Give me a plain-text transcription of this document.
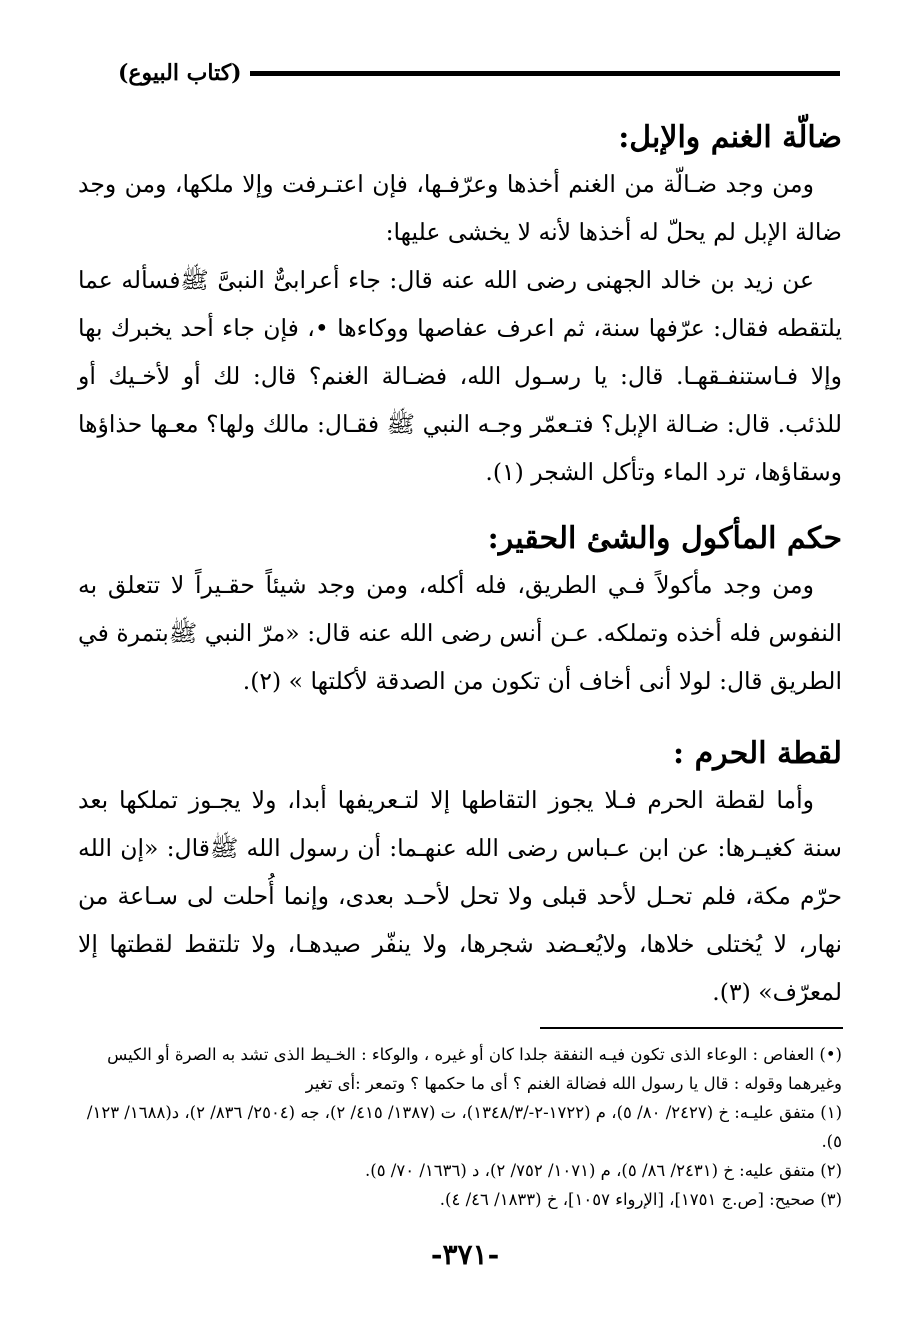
(كتاب البيوع)
ضالّة الغنم والإبل:

ومن وجد ضـالّة من الغنم أخذها وعرّفـها، فإن اعتـرفت وإلا ملكها، ومن وجد ضالة الإبل لم يحلّ له أخذها لأنه لا يخشى عليها:

عن زيد بن خالد الجهنى رضى الله عنه قال: جاء أعرابىٌّ النبىَّ ﷺفسأله عما يلتقطه فقال: عرّفها سنة، ثم اعرف عفاصها ووكاءها •، فإن جاء أحد يخبرك بها وإلا فـاستنفـقهـا. قال: يا رسـول الله، فضـالة الغنم؟ قال: لك أو لأخـيك أو للذئب. قال: ضـالة الإبل؟ فتـعمّر وجـه النبي ﷺ فقـال: مالك ولها؟ معـها حذاؤها وسقاؤها، ترد الماء وتأكل الشجر (١).

حكم المأكول والشئ الحقير:

ومن وجد مأكولاً فـي الطريق، فله أكله، ومن وجد شيئاً حقـيراً لا تتعلق به النفوس فله أخذه وتملكه. عـن أنس رضى الله عنه قال: «مرّ النبي ﷺبتمرة في الطريق قال: لولا أنى أخاف أن تكون من الصدقة لأكلتها » (٢).

لقطة الحرم :

وأما لقطة الحرم فـلا يجوز التقاطها إلا لتـعريفها أبدا، ولا يجـوز تملكها بعد سنة كغيـرها: عن ابن عـباس رضى الله عنهـما: أن رسول الله ﷺقال: «إن الله حرّم مكة، فلم تحـل لأحد قبلى ولا تحل لأحـد بعدى، وإنما أُحلت لى سـاعة من نهار، لا يُختلى خلاها، ولايُعـضد شجرها، ولا ينفّر صيدهـا، ولا تلتقط لقطتها إلا لمعرّف» (٣).

(•) العفاص : الوعاء الذى تكون فيـه النفقة جلدا كان أو غيره ، والوكاء : الخـيط الذى تشد به الصرة أو الكيس وغيرهما وقوله : قال يا رسول الله فضالة الغنم ؟ أى ما حكمها ؟ وتمعر :أى تغير

(١) متفق عليـه: خ (٢٤٢٧/ ٨٠/ ٥)، م (١٧٢٢-٢-/١٣٤٨/٣)، ت (١٣٨٧/ ٤١٥/ ٢)، جه (٢٥٠٤/ ٨٣٦/ ٢)، د(١٦٨٨/ ١٢٣/ ٥).

(٢) متفق عليه: خ (٢٤٣١/ ٨٦/ ٥)، م (١٠٧١/ ٧٥٢/ ٢)، د (١٦٣٦/ ٧٠/ ٥).

(٣) صحيح: [ص.ج ١٧٥١]، [الإرواء ١٠٥٧]، خ (١٨٣٣/ ٤٦/ ٤).

-٣٧١-
